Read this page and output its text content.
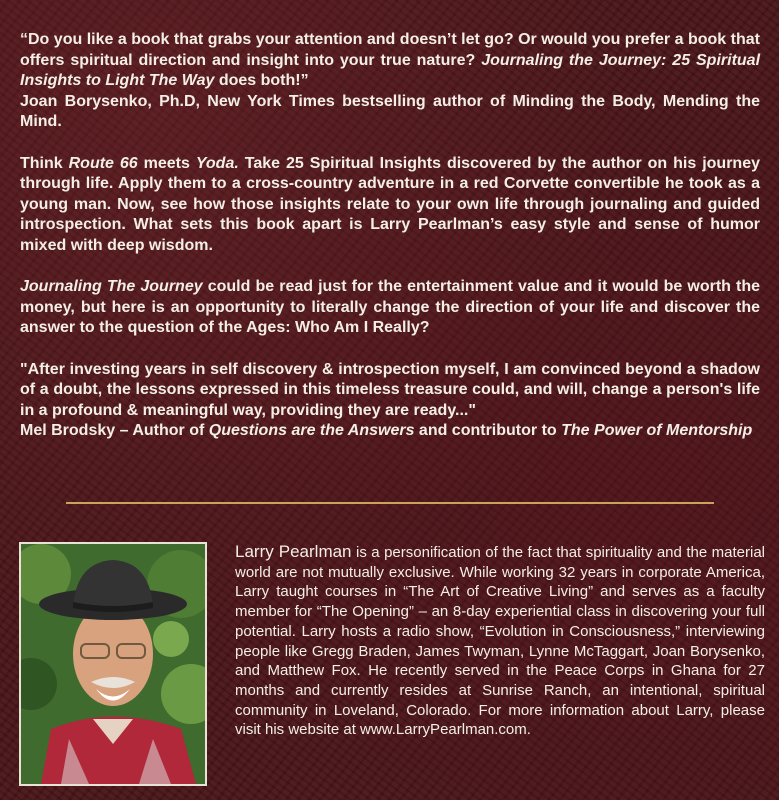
“Do you like a book that grabs your attention and doesn’t let go? Or would you prefer a book that offers spiritual direction and insight into your true nature? Journaling the Journey: 25 Spiritual Insights to Light The Way does both!”
Joan Borysenko, Ph.D, New York Times bestselling author of Minding the Body, Mending the Mind.

Think Route 66 meets Yoda. Take 25 Spiritual Insights discovered by the author on his journey through life. Apply them to a cross-country adventure in a red Corvette convertible he took as a young man. Now, see how those insights relate to your own life through journaling and guided introspection. What sets this book apart is Larry Pearlman’s easy style and sense of humor mixed with deep wisdom.

Journaling The Journey could be read just for the entertainment value and it would be worth the money, but here is an opportunity to literally change the direction of your life and discover the answer to the question of the Ages: Who Am I Really?

"After investing years in self discovery & introspection myself, I am convinced beyond a shadow of a doubt, the lessons expressed in this timeless treasure could, and will, change a person's life in a profound & meaningful way, providing they are ready..."
Mel Brodsky – Author of Questions are the Answers and contributor to The Power of Mentorship

Larry Pearlman is a personification of the fact that spirituality and the material world are not mutually exclusive. While working 32 years in corporate America, Larry taught courses in “The Art of Creative Living” and serves as a faculty member for “The Opening” – an 8-day experiential class in discovering your full potential. Larry hosts a radio show, “Evolution in Consciousness,” interviewing people like Gregg Braden, James Twyman, Lynne McTaggart, Joan Borysenko, and Matthew Fox. He recently served in the Peace Corps in Ghana for 27 months and currently resides at Sunrise Ranch, an intentional, spiritual community in Loveland, Colorado. For more information about Larry, please visit his website at www.LarryPearlman.com.
